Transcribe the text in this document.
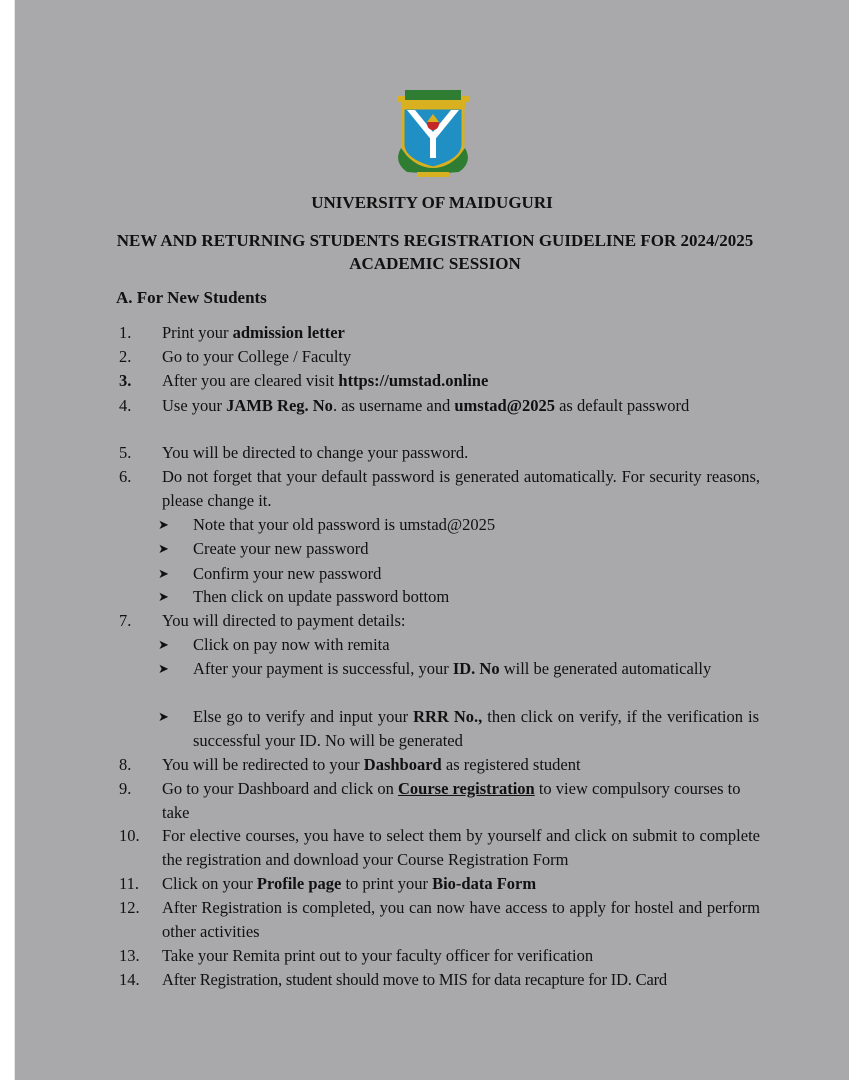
UNIVERSITY OF MAIDUGURI
NEW AND RETURNING STUDENTS REGISTRATION GUIDELINE FOR 2024/2025 ACADEMIC SESSION
A. For New Students
1.	Print your admission letter
2.	Go to your College / Faculty
3.	After you are cleared visit https://umstad.online
4.	Use your JAMB Reg. No. as username and umstad@2025 as default password
5.	You will be directed to change your password.
6.	Do not forget that your default password is generated automatically. For security reasons, please change it.
➤ Note that your old password is umstad@2025
➤ Create your new password
➤ Confirm your new password
➤ Then click on update password bottom
7.	You will directed to payment details:
➤ Click on pay now with remita
➤ After your payment is successful, your ID. No will be generated automatically
➤ Else go to verify and input your RRR No., then click on verify, if the verification is successful your ID. No will be generated
8.	You will be redirected to your Dashboard as registered student
9.	Go to your Dashboard and click on Course registration to view compulsory courses to take
10.	For elective courses, you have to select them by yourself and click on submit to complete the registration and download your Course Registration Form
11.	Click on your Profile page to print your Bio-data Form
12.	After Registration is completed, you can now have access to apply for hostel and perform other activities
13.	Take your Remita print out to your faculty officer for verification
14.	After Registration, student should move to MIS for data recapture for ID. Card
